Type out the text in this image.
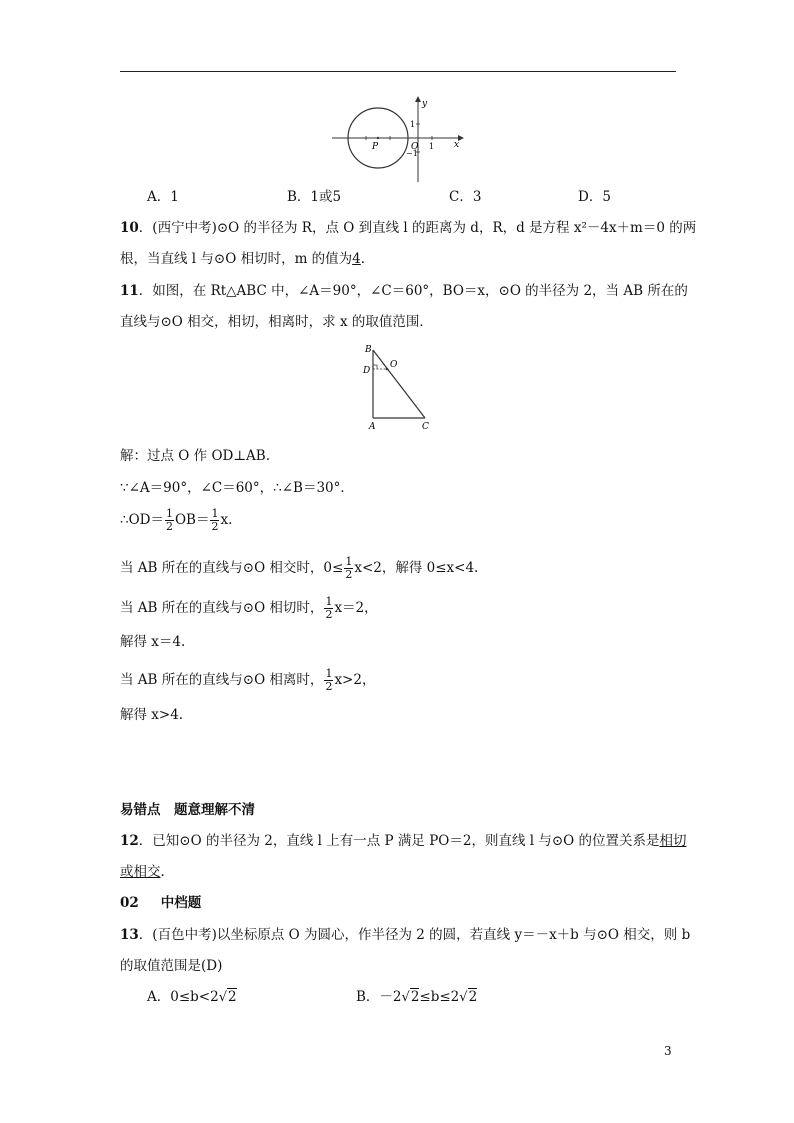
y
x
P	O 1
1
−1
A．1	B．1或5	C．3	D．5
10．(西宁中考)⊙O 的半径为 R，点 O 到直线 l 的距离为 d，R，d 是方程 x²－4x＋m＝0 的两
根，当直线 l 与⊙O 相切时，m 的值为4．
11．如图，在 Rt△ABC 中，∠A＝90°，∠C＝60°，BO＝x，⊙O 的半径为 2，当 AB 所在的
直线与⊙O 相交，相切，相离时，求 x 的取值范围．
B
O
D
A	C
解：过点 O 作 OD⊥AB.
∵∠A＝90°，∠C＝60°，∴∠B＝30°．
∴OD＝ $\frac{1}{2} OB= \frac{1}{2} x$.
当 AB 所在的直线与⊙O 相交时，$0\le \frac{1}{2} x<2$，解得 0≤x<4.
当 AB 所在的直线与⊙O 相切时， $\frac{1}{2} x=2$，
解得 x＝4.
当 AB 所在的直线与⊙O 相离时， $\frac{1}{2} x>2$，
解得 x>4.
易错点　题意理解不清
12．已知⊙O 的半径为 2，直线 l 上有一点 P 满足 PO＝2，则直线 l 与⊙O 的位置关系是相切
或相交.
02 中档题
13．(百色中考)以坐标原点 O 为圆心，作半径为 2 的圆，若直线 y＝－x＋b 与⊙O 相交，则 b
的取值范围是(D)
A．0≤b<2√2	B．－2√2≤b≤2√2
3
